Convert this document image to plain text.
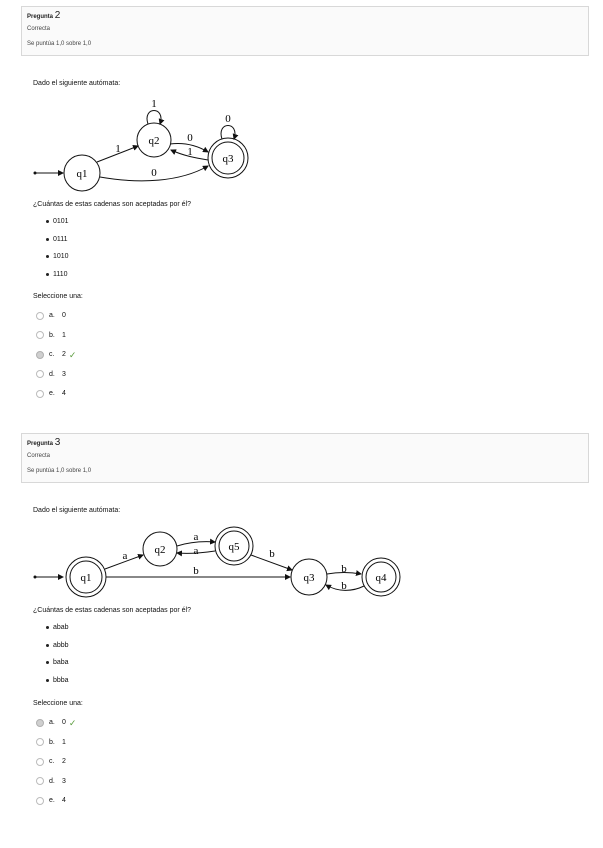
Pregunta 2
Correcta
Se puntúa 1,0 sobre 1,0
Dado el siguiente autómata:
q1
q2
q3
1
0
1
0
1
0
¿Cuántas de estas cadenas son aceptadas por él?
0101
0111
1010
1110
Seleccione una:
a.	0
b.	1
c.	2 ✓
d.	3
e.	4
Pregunta 3
Correcta
Se puntúa 1,0 sobre 1,0
Dado el siguiente autómata:
q1
q2	q5
q3	q4
a
a
a	b
b	b
b
¿Cuántas de estas cadenas son aceptadas por él?
abab
abbb
baba
bbba
Seleccione una:
a.	0 ✓
b.	1
c.	2
d.	3
e.	4
